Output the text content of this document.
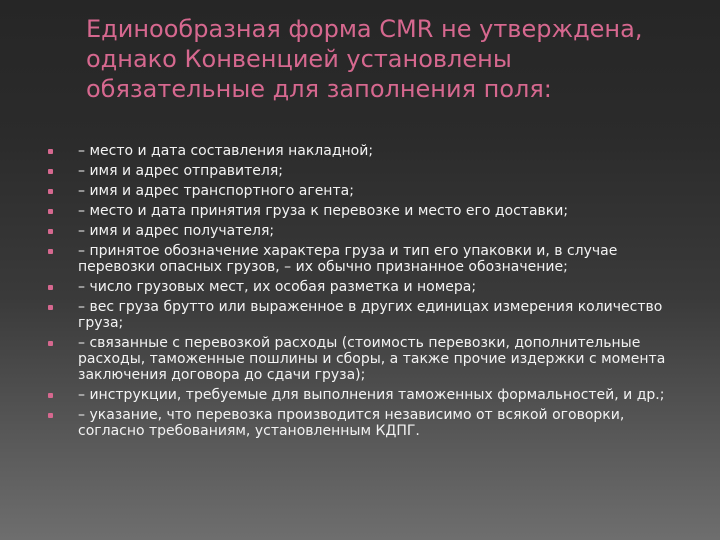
Единообразная форма CMR не утверждена,
однако Конвенцией установлены
обязательные для заполнения поля:
– место и дата составления накладной;
– имя и адрес отправителя;
– имя и адрес транспортного агента;
– место и дата принятия груза к перевозке и место его доставки;
– имя и адрес получателя;
– принятое обозначение характера груза и тип его упаковки и, в случае перевозки опасных грузов, – их обычно признанное обозначение;
– число грузовых мест, их особая разметка и номера;
– вес груза брутто или выраженное в других единицах измерения количество груза;
– связанные с перевозкой расходы (стоимость перевозки, дополнительные расходы, таможенные пошлины и сборы, а также прочие издержки с момента заключения договора до сдачи груза);
– инструкции, требуемые для выполнения таможенных формальностей, и др.;
– указание, что перевозка производится независимо от всякой оговорки, согласно требованиям, установленным КДПГ.
